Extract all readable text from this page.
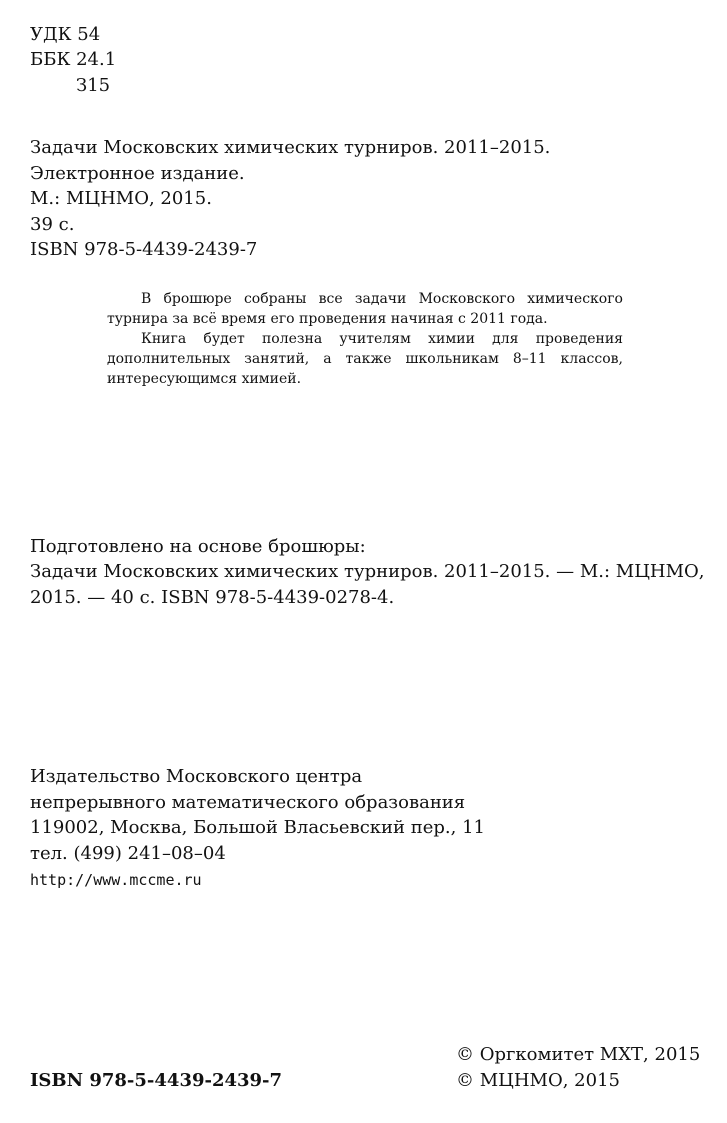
УДК 54
ББК 24.1
З15
Задачи Московских химических турниров. 2011–2015.
Электронное издание.
М.: МЦНМО, 2015.
39 с.
ISBN 978-5-4439-2439-7

В брошюре собраны все задачи Московского химического турнира за всё время его проведения начиная с 2011 года.

Книга будет полезна учителям химии для проведения дополнительных занятий, а также школьникам 8–11 классов, интересующимся химией.

Подготовлено на основе брошюры:
Задачи Московских химических турниров. 2011–2015. — М.: МЦНМО,
2015. — 40 с. ISBN 978-5-4439-0278-4.
Издательство Московского центра
непрерывного математического образования
119002, Москва, Большой Власьевский пер., 11
тел. (499) 241–08–04
http://www.mccme.ru
ISBN 978-5-4439-2439-7
© Оргкомитет МХТ, 2015
© МЦНМО, 2015
